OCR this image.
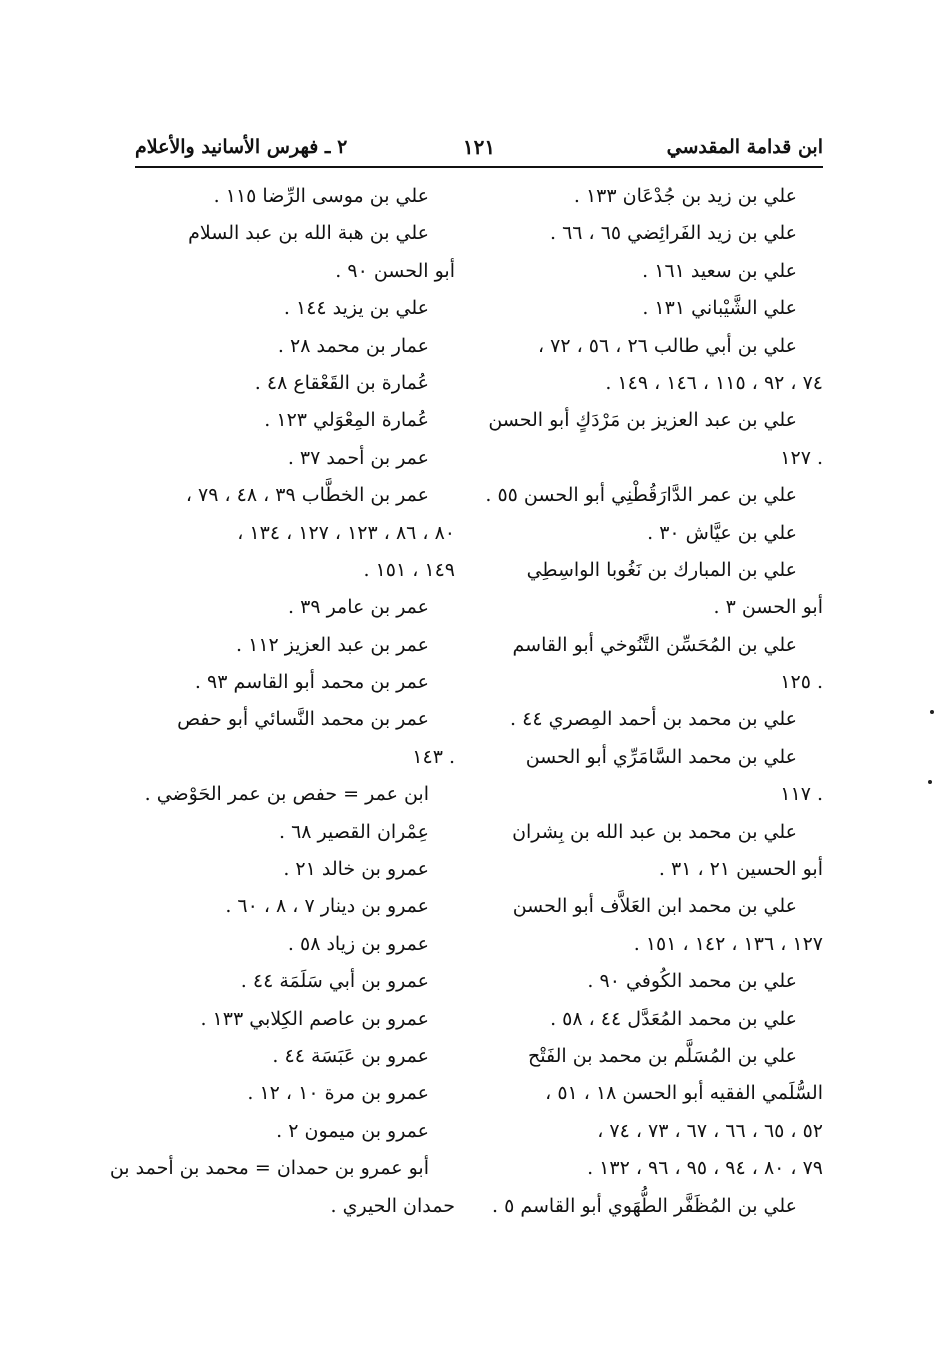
ابن قدامة المقدسي
١٢١
٢ ـ فهرس الأسانيد والأعلام
علي بن زيد بن جُدْعَان ١٣٣ .
علي بن زيد الفَرائِضي ٦٥ ، ٦٦ .
علي بن سعيد ١٦١ .
علي الشَّيْباني ١٣١ .
علي بن أبي طالب ٢٦ ، ٥٦ ، ٧٢ ،
٧٤ ، ٩٢ ، ١١٥ ، ١٤٦ ، ١٤٩ .
علي بن عبد العزيز بن مَرْدَكٍ أبو الحسن
. ١٢٧
علي بن عمر الدَّارَقُطْنِي أبو الحسن ٥٥ .
علي بن عيَّاش ٣٠ .
علي بن المبارك بن نَغُوبا الواسِطِي
أبو الحسن ٣ .
علي بن المُحَسِّن التَّنُوخي أبو القاسم
. ١٢٥
علي بن محمد بن أحمد المِصري ٤٤ .
علي بن محمد السَّامَرِّي أبو الحسن
. ١١٧
علي بن محمد بن عبد الله بن بِشران
أبو الحسين ٢١ ، ٣١ .
علي بن محمد ابن العَلاَّف أبو الحسن
١٢٧ ، ١٣٦ ، ١٤٢ ، ١٥١ .
علي بن محمد الكُوفي ٩٠ .
علي بن محمد المُعَدَّل ٤٤ ، ٥٨ .
علي بن المُسَلَّم بن محمد بن الفَتْح
السُّلَمي الفقيه أبو الحسن ١٨ ، ٥١ ،
٥٢ ، ٦٥ ، ٦٦ ، ٦٧ ، ٧٣ ، ٧٤ ،
٧٩ ، ٨٠ ، ٩٤ ، ٩٥ ، ٩٦ ، ١٣٢ .
علي بن المُظَفَّر الطُّهَوي أبو القاسم ٥ .
علي بن موسى الرِّضا ١١٥ .
علي بن هبة الله بن عبد السلام
أبو الحسن ٩٠ .
علي بن يزيد ١٤٤ .
عمار بن محمد ٢٨ .
عُمارة بن القَعْقاع ٤٨ .
عُمارة المِعْوَلي ١٢٣ .
عمر بن أحمد ٣٧ .
عمر بن الخطَّاب ٣٩ ، ٤٨ ، ٧٩ ،
٨٠ ، ٨٦ ، ١٢٣ ، ١٢٧ ، ١٣٤ ،
١٤٩ ، ١٥١ .
عمر بن عامر ٣٩ .
عمر بن عبد العزيز ١١٢ .
عمر بن محمد أبو القاسم ٩٣ .
عمر بن محمد النَّسائي أبو حفص
. ١٤٣
ابن عمر = حفص بن عمر الحَوْضي .
عِمْران القصير ٦٨ .
عمرو بن خالد ٢١ .
عمرو بن دينار ٧ ، ٨ ، ٦٠ .
عمرو بن زياد ٥٨ .
عمرو بن أبي سَلَمَة ٤٤ .
عمرو بن عاصم الكِلابي ١٣٣ .
عمرو بن عَبَسَة ٤٤ .
عمرو بن مرة ١٠ ، ١٢ .
عمرو بن ميمون ٢ .
أبو عمرو بن حمدان = محمد بن أحمد بن
حمدان الحيري .
